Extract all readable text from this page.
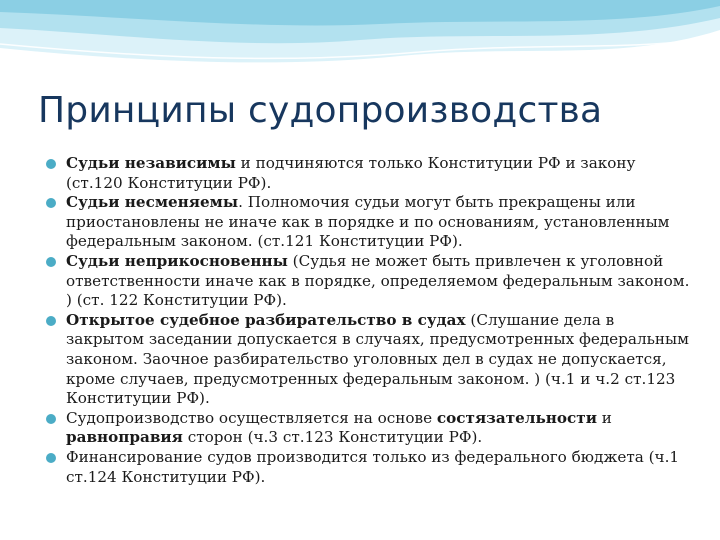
Принципы судопроизводства
Судьи независимы и подчиняются только Конституции РФ и закону (ст.120 Конституции РФ).
Судьи несменяемы. Полномочия судьи могут быть прекращены или приостановлены не иначе как в порядке и по основаниям, установленным федеральным законом. (ст.121 Конституции РФ).
Судьи неприкосновенны (Судья не может быть привлечен к уголовной ответственности иначе как в порядке, определяемом федеральным законом. ) (ст. 122 Конституции РФ).
Открытое судебное разбирательство в судах (Слушание дела в закрытом заседании допускается в случаях, предусмотренных федеральным законом. Заочное разбирательство уголовных дел в судах не допускается, кроме случаев, предусмотренных федеральным законом. ) (ч.1 и ч.2 ст.123 Конституции РФ).
Судопроизводство осуществляется на основе состязательности и равноправия сторон (ч.3 ст.123 Конституции РФ).
Финансирование судов производится только из федерального бюджета (ч.1 ст.124 Конституции РФ).
